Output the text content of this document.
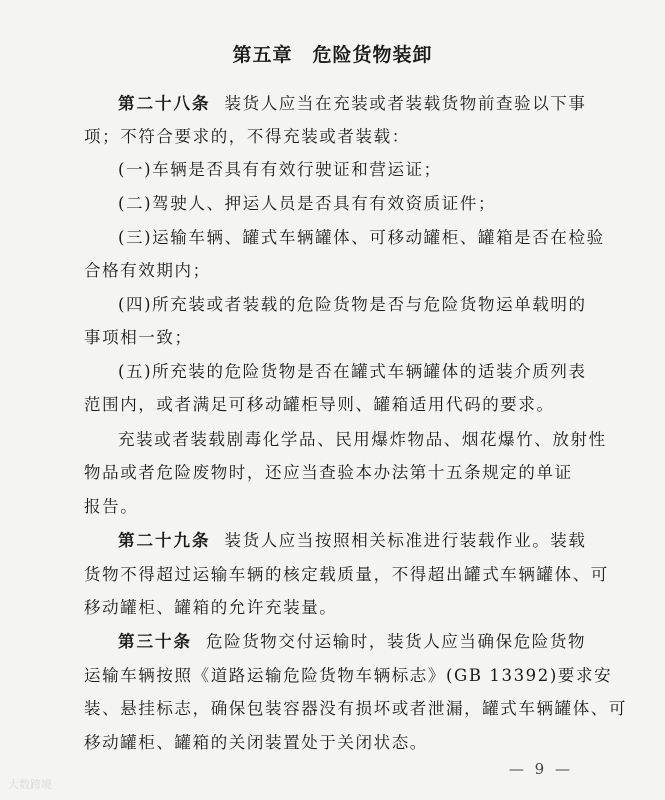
第五章　危险货物装卸
第二十八条 装货人应当在充装或者装载货物前查验以下事
项；不符合要求的，不得充装或者装载：
(一)车辆是否具有有效行驶证和营运证；
(二)驾驶人、押运人员是否具有有效资质证件；
(三)运输车辆、罐式车辆罐体、可移动罐柜、罐箱是否在检验
合格有效期内；
(四)所充装或者装载的危险货物是否与危险货物运单载明的
事项相一致；
(五)所充装的危险货物是否在罐式车辆罐体的适装介质列表
范围内，或者满足可移动罐柜导则、罐箱适用代码的要求。
充装或者装载剧毒化学品、民用爆炸物品、烟花爆竹、放射性
物品或者危险废物时，还应当查验本办法第十五条规定的单证
报告。
第二十九条 装货人应当按照相关标准进行装载作业。装载
货物不得超过运输车辆的核定载质量，不得超出罐式车辆罐体、可
移动罐柜、罐箱的允许充装量。
第三十条 危险货物交付运输时，装货人应当确保危险货物
运输车辆按照《道路运输危险货物车辆标志》(GB 13392)要求安
装、悬挂标志，确保包装容器没有损坏或者泄漏，罐式车辆罐体、可
移动罐柜、罐箱的关闭装置处于关闭状态。
— 9 —
大数跨境
